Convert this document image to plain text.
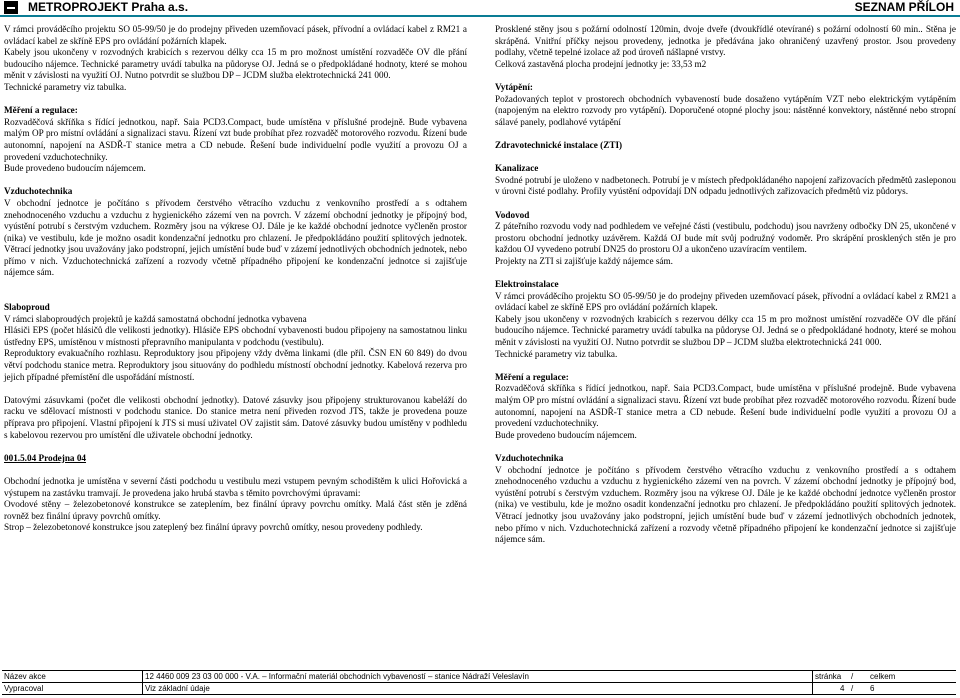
METROPROJEKT Praha a.s.	SEZNAM PŘÍLOH

V rámci prováděcího projektu SO 05-99/50 je do prodejny přiveden uzemňovací pásek, přívodní a ovládací kabel z RM21 a ovládací kabel ze skříně EPS pro ovládání požárních klapek.

Kabely jsou ukončeny v rozvodných krabicích s rezervou délky cca 15 m pro možnost umístění rozvaděče OV dle přání budoucího nájemce. Technické parametry uvádí tabulka na půdoryse OJ. Jedná se o předpokládané hodnoty, které se mohou měnit v závislosti na využití OJ. Nutno potvrdit se službou DP – JCDM služba elektrotechnická 241 000.

Technické parametry viz tabulka.

Měření a regulace:

Rozvaděčová skříňka s řídící jednotkou, např. Saia PCD3.Compact, bude umístěna v příslušné prodejně. Bude vybavena malým OP pro místní ovládání a signalizaci stavu. Řízení vzt bude probíhat přez rozvaděč motorového rozvodu. Řízení bude autonomní, napojení na ASDŘ-T stanice metra a CD nebude. Řešení bude individuelní podle využití a provozu OJ a provedení vzduchotechniky.

Bude provedeno budoucím nájemcem.

Vzduchotechnika

V obchodní jednotce je počítáno s přívodem čerstvého větracího vzduchu z venkovního prostředí a s odtahem znehodnoceného vzduchu a vzduchu z hygienického zázemí ven na povrch. V zázemí obchodní jednotky je přípojný bod, vyústění potrubí s čerstvým vzduchem. Rozměry jsou na výkrese OJ. Dále je ke každé obchodní jednotce vyčleněn prostor (nika) ve vestibulu, kde je možno osadit kondenzační jednotku pro chlazení. Je předpokládáno použití splitových jednotek. Větrací jednotky jsou uvažovány jako podstropní, jejich umístění bude buď v zázemí jednotlivých obchodních jednotek, nebo přímo v nich. Vzduchotechnická zařízení a rozvody včetně případného připojení ke kondenzační jednotce si zajišťuje nájemce sám.

Slaboproud

V rámci slaboproudých projektů je každá samostatná obchodní jednotka vybavena

Hlásiči EPS (počet hlásičů dle velikosti jednotky). Hlásiče EPS obchodní vybavenosti budou připojeny na samostatnou linku ústředny EPS, umístěnou v místnosti přepravního manipulanta v podchodu (vestibulu).

Reproduktory evakuačního rozhlasu. Reproduktory jsou připojeny vždy dvěma linkami (dle příl. ČSN EN 60 849) do dvou větví podchodu stanice metra. Reproduktory jsou situovány do podhledu místností obchodní jednotky. Kabelová rezerva pro jejich případné přemístění dle uspořádání místností.

Datovými zásuvkami (počet dle velikosti obchodní jednotky). Datové zásuvky jsou připojeny strukturovanou kabeláží do racku ve sdělovací místnosti v podchodu stanice. Do stanice metra není přiveden rozvod JTS, takže je provedena pouze příprava pro připojení. Vlastní připojení k JTS si musí uživatel OV zajistit sám. Datové zásuvky budou umístěny v podhledu s kabelovou rezervou pro umístění dle uživatele obchodní jednotky.

001.5.04 Prodejna 04

Obchodní jednotka je umístěna v severní části podchodu u vestibulu mezi vstupem pevným schodištěm k ulici Hořovická a výstupem na zastávku tramvají. Je provedena jako hrubá stavba s těmito povrchovými úpravami:

Ovodové stěny – železobetonové konstrukce se zateplením, bez finální úpravy povrchu omítky. Malá část stěn je zděná rovněž bez finální úpravy povrchů omítky.

Strop – železobetonové konstrukce jsou zateplený bez finální úpravy povrchů omítky, nesou provedeny podhledy.

Prosklené stěny jsou s požární odolností 120min, dvoje dveře (dvoukřídlé otevírané) s požární odolností 60 min.. Stěna je skrápěná. Vnitřní příčky nejsou provedeny, jednotka je předávána jako ohraničený uzavřený prostor. Jsou provedeny podlahy, včetně tepelné izolace až pod úroveň nášlapné vrstvy.

Celková zastavěná plocha prodejní jednotky je: 33,53 m2

Vytápění:

Požadovaných teplot v prostorech obchodních vybaveností bude dosaženo vytápěním VZT nebo elektrickým vytápěním (napojeným na elektro rozvody pro vytápění). Doporučené otopné plochy jsou: nástěnné konvektory, nástěnné nebo stropní sálavé panely, podlahové vytápění

Zdravotechnické instalace (ZTI)

Kanalizace

Svodné potrubí je uloženo v nadbetonech. Potrubí je v místech předpokládaného napojení zařizovacích předmětů zasleponou v úrovni čisté podlahy. Profily vyústění odpovídají DN odpadu jednotlivých zařizovacích předmětů viz půdorys.

Vodovod

Z páteřního rozvodu vody nad podhledem ve veřejné části (vestibulu, podchodu) jsou navrženy odbočky DN 25, ukončené v prostoru obchodní jednotky uzávěrem. Každá OJ bude mít svůj podružný vodoměr. Pro skrápění prosklených stěn je pro každou OJ vyvedeno potrubí DN25 do prostoru OJ a ukončeno uzavíracím ventilem.

Projekty na ZTI si zajišťuje každý nájemce sám.

Elektroinstalace

V rámci prováděcího projektu SO 05-99/50 je do prodejny přiveden uzemňovací pásek, přívodní a ovládací kabel z RM21 a ovládací kabel ze skříně EPS pro ovládání požárních klapek.

Kabely jsou ukončeny v rozvodných krabicích s rezervou délky cca 15 m pro možnost umístění rozvaděče OV dle přání budoucího nájemce. Technické parametry uvádí tabulka na půdoryse OJ. Jedná se o předpokládané hodnoty, které se mohou měnit v závislosti na využití OJ. Nutno potvrdit se službou DP – JCDM služba elektrotechnická 241 000.

Technické parametry viz tabulka.

Měření a regulace:

Rozvaděčová skříňka s řídící jednotkou, např. Saia PCD3.Compact, bude umístěna v příslušné prodejně. Bude vybavena malým OP pro místní ovládání a signalizaci stavu. Řízení vzt bude probíhat přez rozvaděč motorového rozvodu. Řízení bude autonomní, napojení na ASDŘ-T stanice metra a CD nebude. Řešení bude individuelní podle využití a provozu OJ a provedení vzduchotechniky.

Bude provedeno budoucím nájemcem.

Vzduchotechnika

V obchodní jednotce je počítáno s přívodem čerstvého větracího vzduchu z venkovního prostředí a s odtahem znehodnoceného vzduchu a vzduchu z hygienického zázemí ven na povrch. V zázemí obchodní jednotky je přípojný bod, vyústění potrubí s čerstvým vzduchem. Rozměry jsou na výkrese OJ. Dále je ke každé obchodní jednotce vyčleněn prostor (nika) ve vestibulu, kde je možno osadit kondenzační jednotku pro chlazení. Je předpokládáno použití splitových jednotek. Větrací jednotky jsou uvažovány jako podstropní, jejich umístění bude buď v zázemí jednotlivých obchodních jednotek, nebo přímo v nich. Vzduchotechnická zařízení a rozvody včetně případného připojení ke kondenzační jednotce si zajišťuje nájemce sám.

Název akce	12 4460 009 23 03 00 000 - V.A. – Informační materiál obchodních vybaveností – stanice Nádraží Veleslavín	stránka / celkem
Vypracoval	Viz základní údaje	4 / 6
